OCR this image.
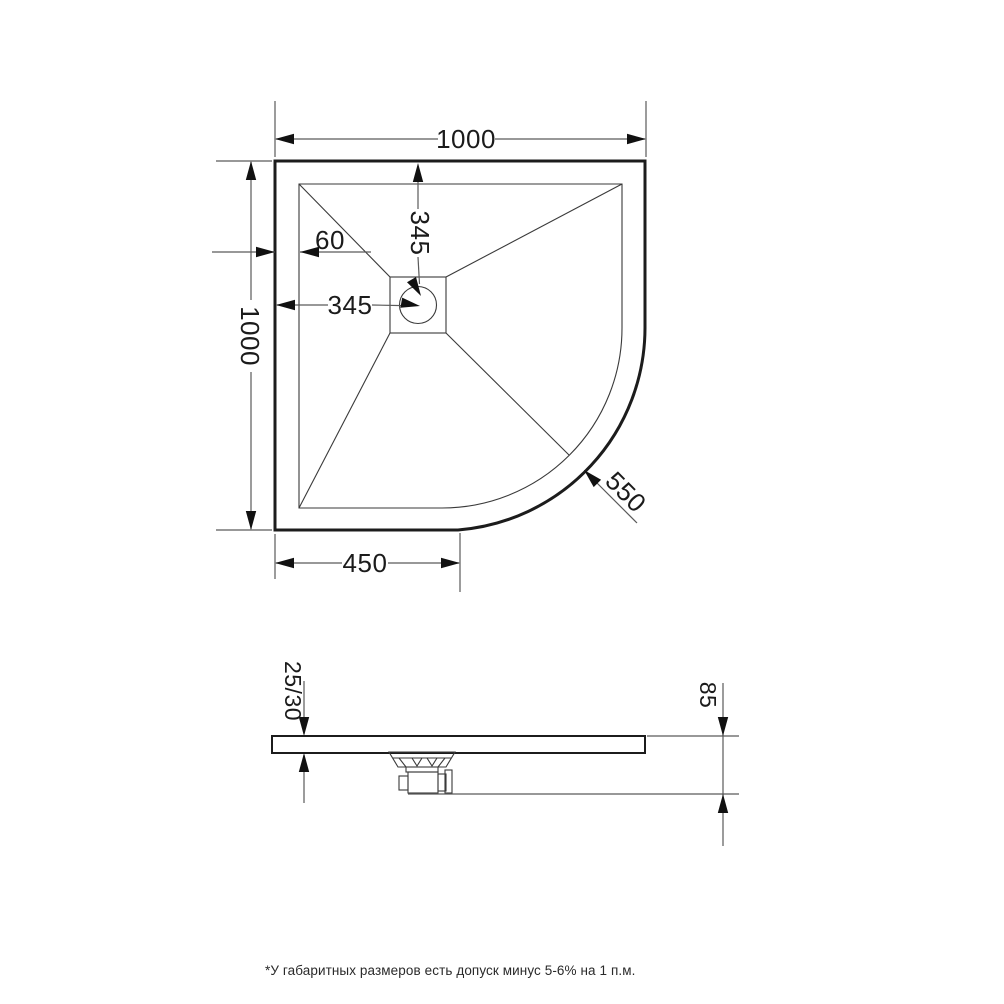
1000
1000
60 345
345
450
550
25/30	85
*У габаритных размеров есть допуск минус 5-6% на 1 п.м.
